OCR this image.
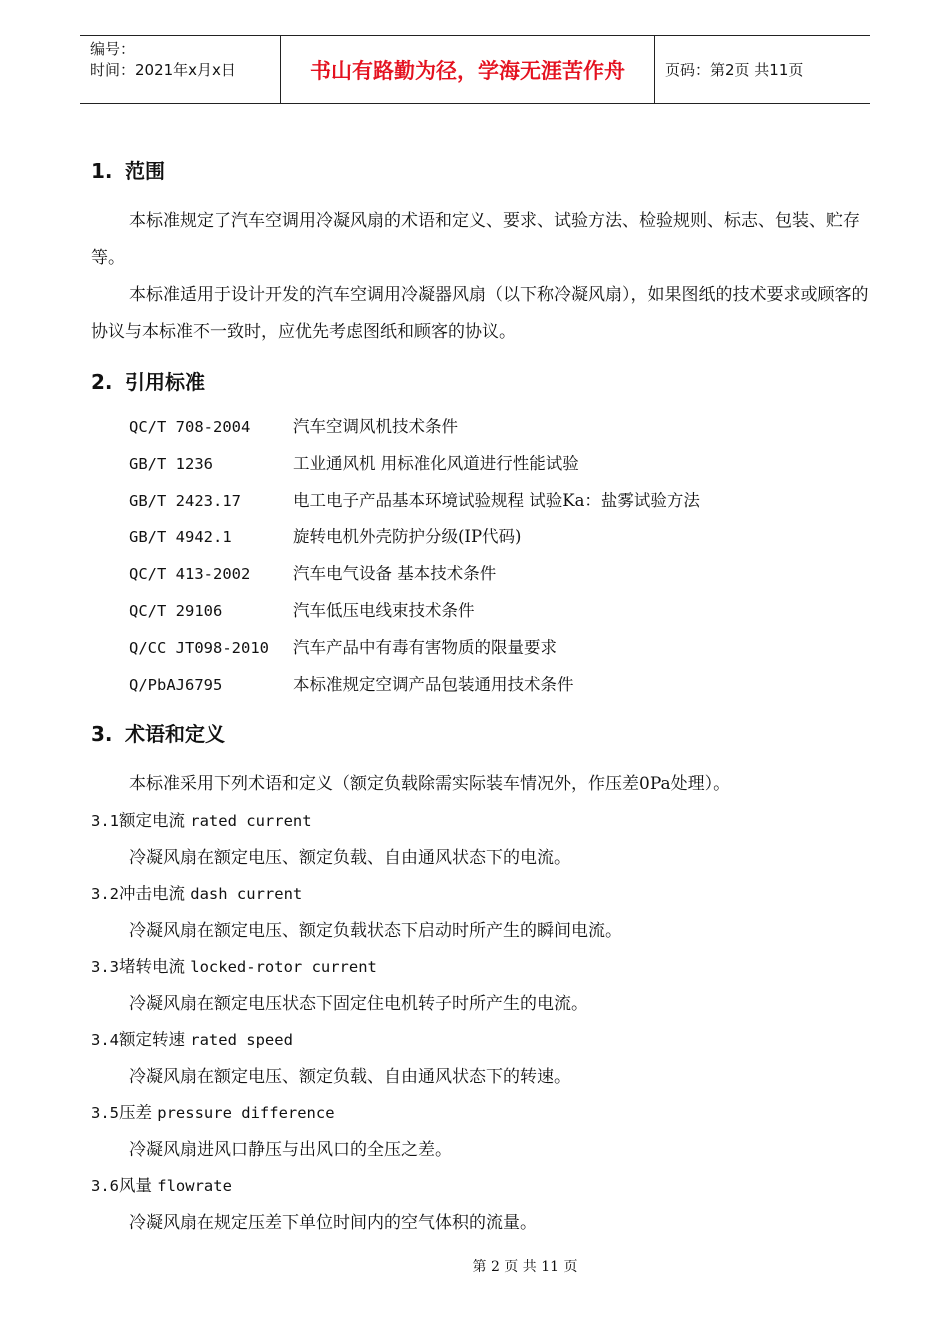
编号：
时间：2021年x月x日	书山有路勤为径，学海无涯苦作舟	页码：第2页 共11页
1. 范围

本标准规定了汽车空调用冷凝风扇的术语和定义、要求、试验方法、检验规则、标志、包装、贮存等。

本标准适用于设计开发的汽车空调用冷凝器风扇（以下称冷凝风扇），如果图纸的技术要求或顾客的协议与本标准不一致时，应优先考虑图纸和顾客的协议。

2. 引用标准
QC/T 708-2004	汽车空调风机技术条件
GB/T 1236	工业通风机 用标准化风道进行性能试验
GB/T 2423.17	电工电子产品基本环境试验规程 试验Ka：盐雾试验方法
GB/T 4942.1	旋转电机外壳防护分级(IP代码)
QC/T 413-2002	汽车电气设备 基本技术条件
QC/T 29106	汽车低压电线束技术条件
Q/CC JT098-2010	汽车产品中有毒有害物质的限量要求
Q/PbAJ6795	本标准规定空调产品包装通用技术条件
3. 术语和定义

本标准采用下列术语和定义（额定负载除需实际装车情况外，作压差0Pa处理）。

3.1额定电流 rated current
冷凝风扇在额定电压、额定负载、自由通风状态下的电流。
3.2冲击电流 dash current
冷凝风扇在额定电压、额定负载状态下启动时所产生的瞬间电流。
3.3堵转电流 locked-rotor current
冷凝风扇在额定电压状态下固定住电机转子时所产生的电流。
3.4额定转速 rated speed
冷凝风扇在额定电压、额定负载、自由通风状态下的转速。
3.5压差 pressure difference
冷凝风扇进风口静压与出风口的全压之差。
3.6风量 flowrate
冷凝风扇在规定压差下单位时间内的空气体积的流量。
第 2 页 共 11 页
